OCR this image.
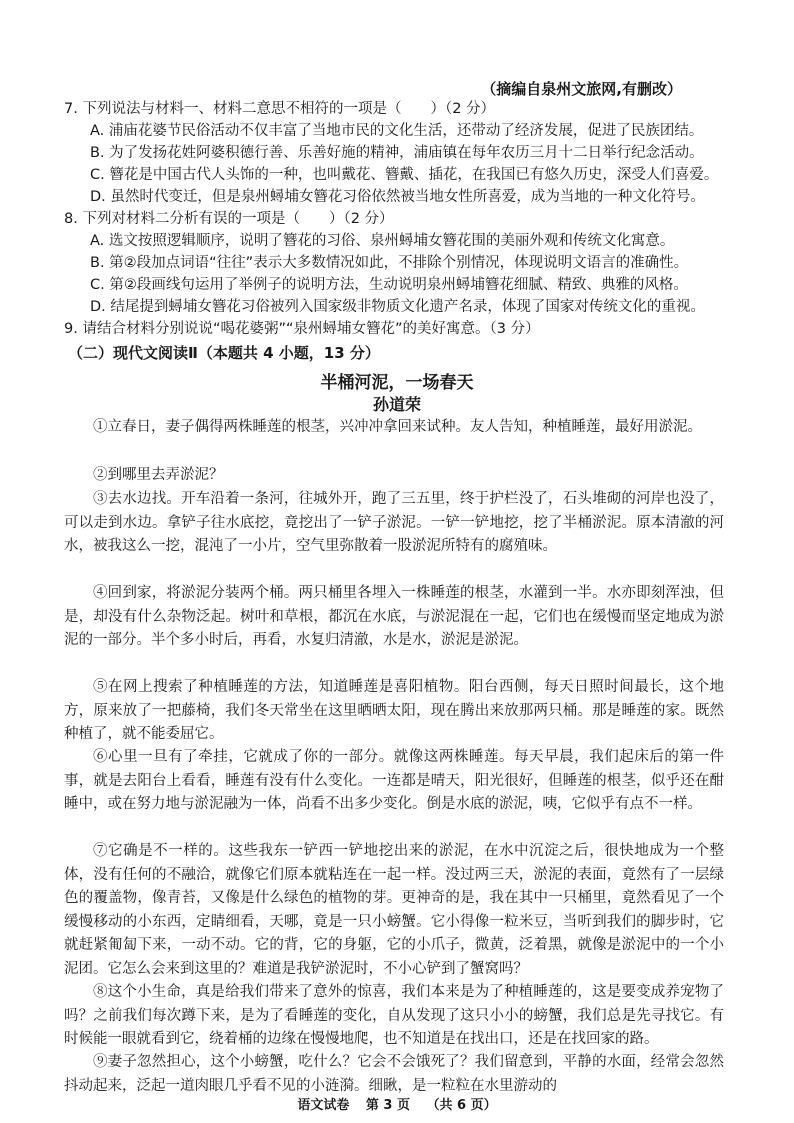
（摘编自泉州文旅网,有删改）
7. 下列说法与材料一、材料二意思不相符的一项是（　　）（2 分）
A. 浦庙花婆节民俗活动不仅丰富了当地市民的文化生活，还带动了经济发展，促进了民族团结。
B. 为了发扬花姓阿婆积德行善、乐善好施的精神，浦庙镇在每年农历三月十二日举行纪念活动。
C. 簪花是中国古代人头饰的一种，也叫戴花、簪戴、插花，在我国已有悠久历史，深受人们喜爱。
D. 虽然时代变迁，但是泉州蟳埔女簪花习俗依然被当地女性所喜爱，成为当地的一种文化符号。
8. 下列对材料二分析有误的一项是（　　）（2 分）
A. 选文按照逻辑顺序，说明了簪花的习俗、泉州蟳埔女簪花围的美丽外观和传统文化寓意。
B. 第②段加点词语“往往”表示大多数情况如此，不排除个别情况，体现说明文语言的准确性。
C. 第②段画线句运用了举例子的说明方法，生动说明泉州蟳埔簪花细腻、精致、典雅的风格。
D. 结尾提到蟳埔女簪花习俗被列入国家级非物质文化遗产名录，体现了国家对传统文化的重视。
9. 请结合材料分别说说“喝花婆粥”“泉州蟳埔女簪花”的美好寓意。（3 分）
（二）现代文阅读Ⅱ（本题共 4 小题，13 分）
半桶河泥，一场春天
孙道荣
①立春日，妻子偶得两株睡莲的根茎，兴冲冲拿回来试种。友人告知，种植睡莲，最好用淤泥。
②到哪里去弄淤泥？
③去水边找。开车沿着一条河，往城外开，跑了三五里，终于护栏没了，石头堆砌的河岸也没了，可以走到水边。拿铲子往水底挖，竟挖出了一铲子淤泥。一铲一铲地挖，挖了半桶淤泥。原本清澈的河水，被我这么一挖，混沌了一小片，空气里弥散着一股淤泥所特有的腐殖味。
④回到家，将淤泥分装两个桶。两只桶里各埋入一株睡莲的根茎，水灌到一半。水亦即刻浑浊，但是，却没有什么杂物泛起。树叶和草根，都沉在水底，与淤泥混在一起，它们也在缓慢而坚定地成为淤泥的一部分。半个多小时后，再看，水复归清澈，水是水，淤泥是淤泥。
⑤在网上搜索了种植睡莲的方法，知道睡莲是喜阳植物。阳台西侧，每天日照时间最长，这个地方，原来放了一把藤椅，我们冬天常坐在这里晒晒太阳，现在腾出来放那两只桶。那是睡莲的家。既然种植了，就不能委屈它。
⑥心里一旦有了牵挂，它就成了你的一部分。就像这两株睡莲。每天早晨，我们起床后的第一件事，就是去阳台上看看，睡莲有没有什么变化。一连都是晴天，阳光很好，但睡莲的根茎，似乎还在酣睡中，或在努力地与淤泥融为一体，尚看不出多少变化。倒是水底的淤泥，咦，它似乎有点不一样。
⑦它确是不一样的。这些我东一铲西一铲地挖出来的淤泥，在水中沉淀之后，很快地成为一个整体，没有任何的不融洽，就像它们原本就粘连在一起一样。没过两三天，淤泥的表面，竟然有了一层绿色的覆盖物，像青苔，又像是什么绿色的植物的芽。更神奇的是，我在其中一只桶里，竟然看见了一个缓慢移动的小东西，定睛细看，天哪，竟是一只小螃蟹。它小得像一粒米豆，当听到我们的脚步时，它就赶紧匍匐下来，一动不动。它的背，它的身躯，它的小爪子，微黄，泛着黑，就像是淤泥中的一个小泥团。它怎么会来到这里的？难道是我铲淤泥时，不小心铲到了蟹窝吗？
⑧这个小生命，真是给我们带来了意外的惊喜，我们本来是为了种植睡莲的，这是要变成养宠物了吗？之前我们每次蹲下来，是为了看睡莲的变化，自从发现了这只小小的螃蟹，我们总是先寻找它。有时候能一眼就看到它，绕着桶的边缘在慢慢地爬，也不知道是在找出口，还是在找回家的路。
⑨妻子忽然担心，这个小螃蟹，吃什么？它会不会饿死了？我们留意到，平静的水面，经常会忽然抖动起来，泛起一道肉眼几乎看不见的小涟漪。细瞅，是一粒粒在水里游动的
语文试卷 第 3 页 （共 6 页）
